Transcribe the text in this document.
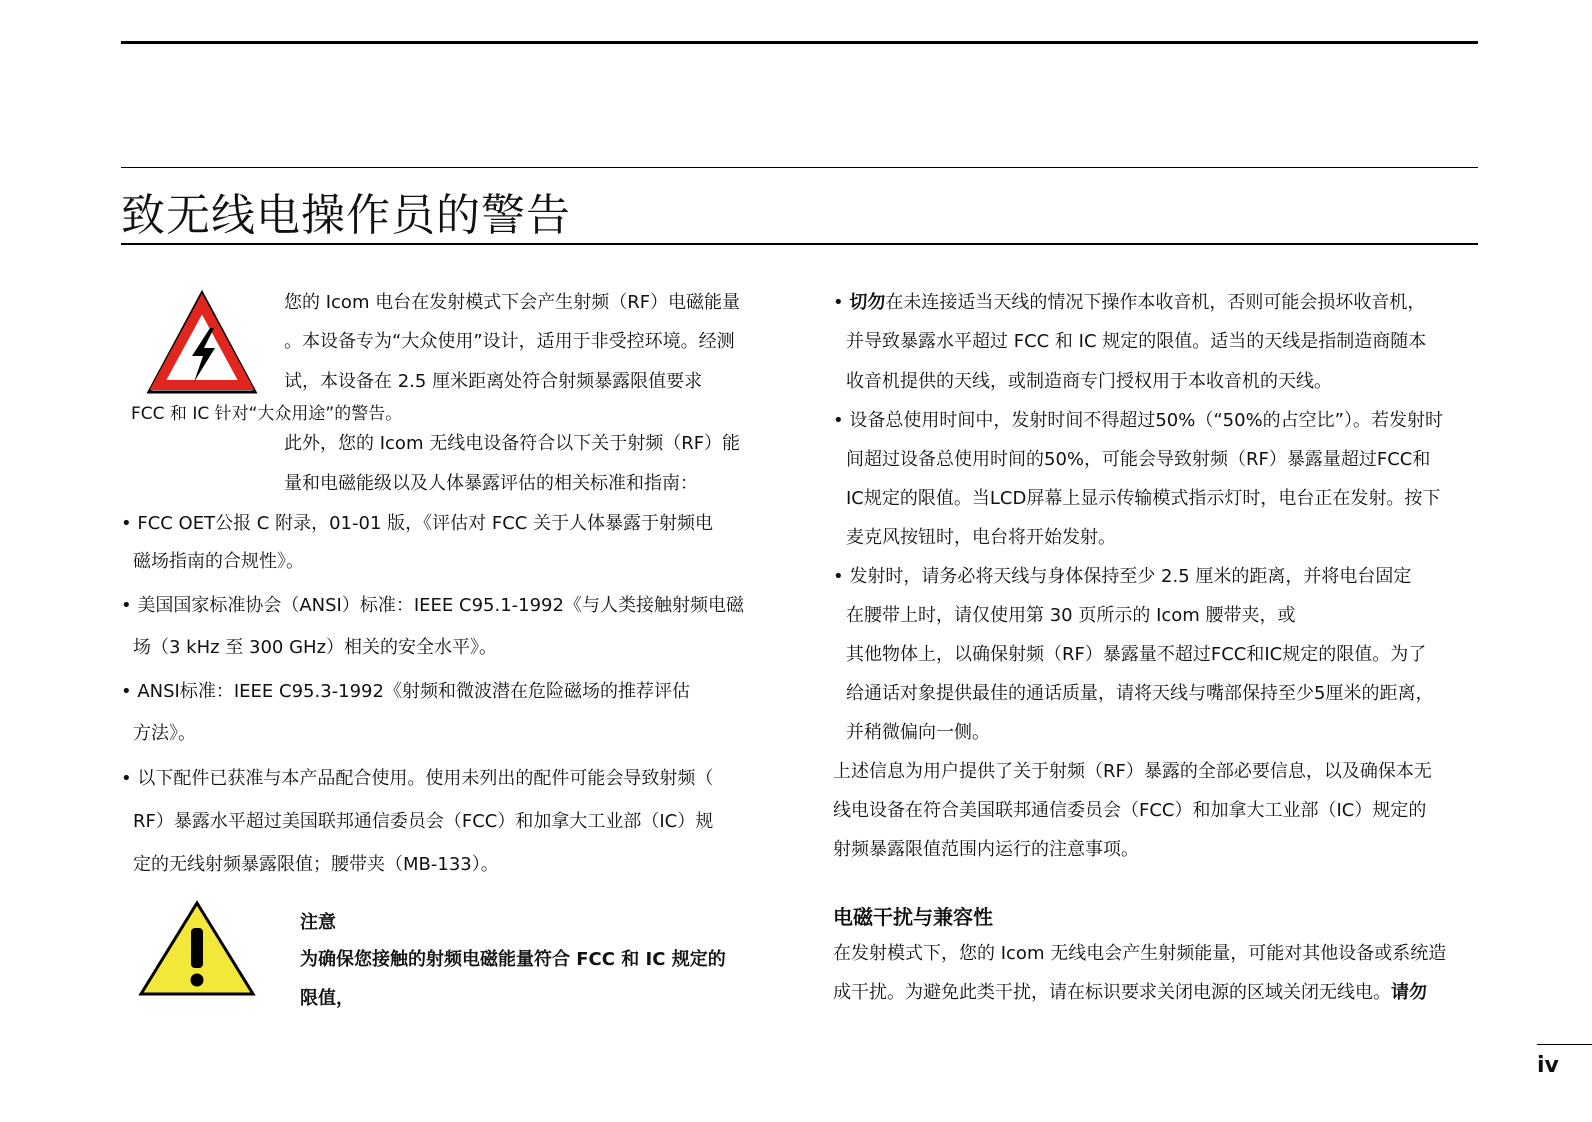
致无线电操作员的警告
您的 Icom 电台在发射模式下会产生射频（RF）电磁能量
。本设备专为“大众使用”设计，适用于非受控环境。经测
试，本设备在 2.5 厘米距离处符合射频暴露限值要求
FCC 和 IC 针对“大众用途”的警告。
此外，您的 Icom 无线电设备符合以下关于射频（RF）能
量和电磁能级以及人体暴露评估的相关标准和指南：
• FCC OET公报 C 附录，01-01 版，《评估对 FCC 关于人体暴露于射频电
磁场指南的合规性》。
• 美国国家标准协会（ANSI）标准：IEEE C95.1-1992《与人类接触射频电磁
场（3 kHz 至 300 GHz）相关的安全水平》。
• ANSI标准：IEEE C95.3-1992《射频和微波潜在危险磁场的推荐评估
方法》。
• 以下配件已获准与本产品配合使用。使用未列出的配件可能会导致射频（
RF）暴露水平超过美国联邦通信委员会（FCC）和加拿大工业部（IC）规
定的无线射频暴露限值；腰带夹（MB-133）。
注意
为确保您接触的射频电磁能量符合 FCC 和 IC 规定的
限值，
• 切勿在未连接适当天线的情况下操作本收音机，否则可能会损坏收音机，
并导致暴露水平超过 FCC 和 IC 规定的限值。适当的天线是指制造商随本
收音机提供的天线，或制造商专门授权用于本收音机的天线。
• 设备总使用时间中，发射时间不得超过50%（“50%的占空比”）。若发射时
间超过设备总使用时间的50%，可能会导致射频（RF）暴露量超过FCC和
IC规定的限值。当LCD屏幕上显示传输模式指示灯时，电台正在发射。按下
麦克风按钮时，电台将开始发射。
• 发射时，请务必将天线与身体保持至少 2.5 厘米的距离，并将电台固定
在腰带上时，请仅使用第 30 页所示的 Icom 腰带夹，或
其他物体上，以确保射频（RF）暴露量不超过FCC和IC规定的限值。为了
给通话对象提供最佳的通话质量，请将天线与嘴部保持至少5厘米的距离，
并稍微偏向一侧。
上述信息为用户提供了关于射频（RF）暴露的全部必要信息，以及确保本无
线电设备在符合美国联邦通信委员会（FCC）和加拿大工业部（IC）规定的
射频暴露限值范围内运行的注意事项。
电磁干扰与兼容性
在发射模式下，您的 Icom 无线电会产生射频能量，可能对其他设备或系统造
成干扰。为避免此类干扰，请在标识要求关闭电源的区域关闭无线电。请勿
iv
